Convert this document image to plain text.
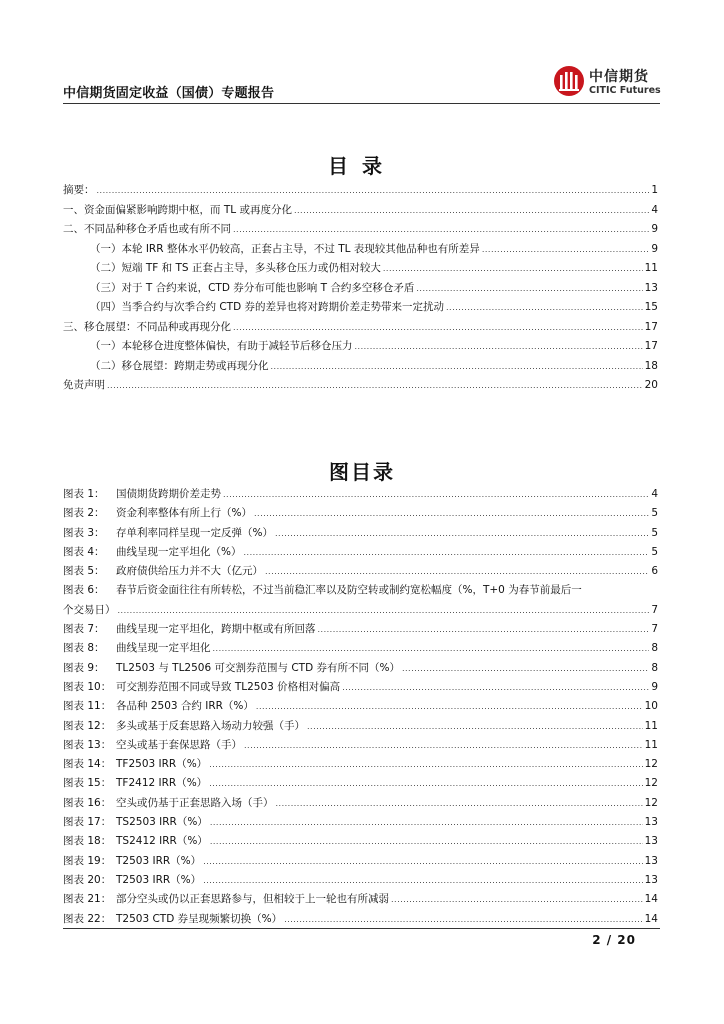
中信期货固定收益（国债）专题报告
中信期货
CITIC Futures
目录
摘要： .....	1
一、资金面偏紧影响跨期中枢，而 TL 或再度分化 .....	4
二、不同品种移仓矛盾也或有所不同 .....	9
（一）本轮 IRR 整体水平仍较高，正套占主导，不过 TL 表现较其他品种也有所差异 .....	9
（二）短端 TF 和 TS 正套占主导，多头移仓压力或仍相对较大 .....	11
（三）对于 T 合约来说，CTD 券分布可能也影响 T 合约多空移仓矛盾 .....	13
（四）当季合约与次季合约 CTD 券的差异也将对跨期价差走势带来一定扰动 .....	15
三、移仓展望：不同品种或再现分化 .....	17
（一）本轮移仓进度整体偏快，有助于减轻节后移仓压力 .....	17
（二）移仓展望：跨期走势或再现分化 .....	18
免责声明 .....	20
图目录
图表 1：	国债期货跨期价差走势 .....	4
图表 2：	资金利率整体有所上行（%） .....	5
图表 3：	存单利率同样呈现一定反弹（%） .....	5
图表 4：	曲线呈现一定平坦化（%） .....	5
图表 5：	政府债供给压力并不大（亿元） .....	6
图表 6：	春节后资金面往往有所转松，不过当前稳汇率以及防空转或制约宽松幅度（%，T+0 为春节前最后一
个交易日） .....	7
图表 7：	曲线呈现一定平坦化，跨期中枢或有所回落 .....	7
图表 8：	曲线呈现一定平坦化 .....	8
图表 9：	TL2503 与 TL2506 可交割券范围与 CTD 券有所不同（%） .....	8
图表 10： 可交割券范围不同或导致 TL2503 价格相对偏高 .....	9
图表 11： 各品种 2503 合约 IRR（%） .....	10
图表 12： 多头或基于反套思路入场动力较强（手） .....	11
图表 13： 空头或基于套保思路（手） .....	11
图表 14： TF2503 IRR（%） .....	12
图表 15： TF2412 IRR（%） .....	12
图表 16： 空头或仍基于正套思路入场（手） .....	12
图表 17： TS2503 IRR（%） .....	13
图表 18： TS2412 IRR（%） .....	13
图表 19： T2503 IRR（%） .....	13
图表 20： T2503 IRR（%） .....	13
图表 21： 部分空头或仍以正套思路参与，但相较于上一轮也有所减弱 .....	14
图表 22： T2503 CTD 券呈现频繁切换（%） .....	14
2 / 20
